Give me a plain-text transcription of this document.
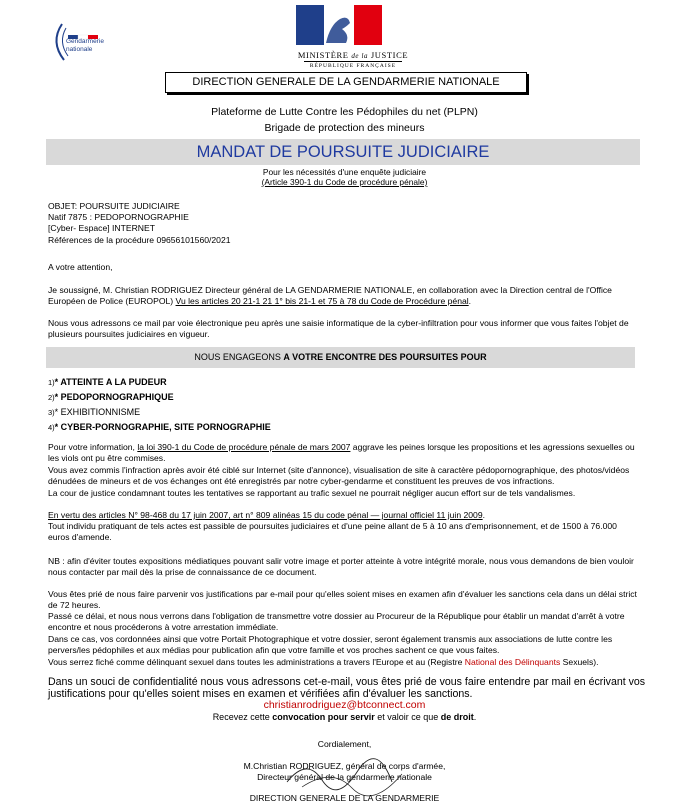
Gendarmerie
nationale
MINISTÈRE de la JUSTICE
RÉPUBLIQUE FRANÇAISE
DIRECTION GENERALE DE LA GENDARMERIE NATIONALE
Plateforme de Lutte Contre les Pédophiles du net (PLPN)
Brigade de protection des mineurs
MANDAT DE POURSUITE JUDICIAIRE
Pour les nécessités d'une enquête judiciaire
(Article 390-1 du Code de procédure pénale)
OBJET: POURSUITE JUDICIAIRE
Natif 7875 : PEDOPORNOGRAPHIE
[Cyber- Espace] INTERNET
Références de la procédure 09656101560/2021
A votre attention,
Je soussigné, M. Christian RODRIGUEZ Directeur général de LA GENDARMERIE NATIONALE, en collaboration avec la Direction central de l'Office Européen de Police (EUROPOL) Vu les articles 20 21-1 21 1° bis 21-1 et 75 à 78 du Code de Procédure pénal.
Nous vous adressons ce mail par voie électronique peu après une saisie informatique de la cyber-infiltration pour vous informer que vous faites l'objet de plusieurs poursuites judiciaires en vigueur.
NOUS ENGAGEONS A VOTRE ENCONTRE DES POURSUITES POUR
1)* ATTEINTE A LA PUDEUR
2)* PEDOPORNOGRAPHIQUE
3)* EXHIBITIONNISME
4)* CYBER-PORNOGRAPHIE, SITE PORNOGRAPHIE
Pour votre information, la loi 390-1 du Code de procédure pénale de mars 2007 aggrave les peines lorsque les propositions et les agressions sexuelles ou les viols ont pu être commises.
Vous avez commis l'infraction après avoir été ciblé sur Internet (site d'annonce), visualisation de site à caractère pédopornographique, des photos/vidéos dénudées de mineurs et de vos échanges ont été enregistrés par notre cyber-gendarme et constituent les preuves de vos infractions.
La cour de justice condamnant toutes les tentatives se rapportant au trafic sexuel ne pourrait négliger aucun effort sur de tels vandalismes.
En vertu des articles N° 98-468 du 17 juin 2007, art n° 809 alinéas 15 du code pénal — journal officiel 11 juin 2009.
Tout individu pratiquant de tels actes est passible de poursuites judiciaires et d'une peine allant de 5 à 10 ans d'emprisonnement, et de 1500 à 76.000 euros d'amende.
NB : afin d'éviter toutes expositions médiatiques pouvant salir votre image et porter atteinte à votre intégrité morale, nous vous demandons de bien vouloir nous contacter par mail dès la prise de connaissance de ce document.
Vous êtes prié de nous faire parvenir vos justifications par e-mail pour qu'elles soient mises en examen afin d'évaluer les sanctions cela dans un délai strict de 72 heures.
Passé ce délai, et nous nous verrons dans l'obligation de transmettre votre dossier au Procureur de la République pour établir un mandat d'arrêt à votre encontre et nous procéderons à votre arrestation immédiate.
Dans ce cas, vos cordonnées ainsi que votre Portait Photographique et votre dossier, seront également transmis aux associations de lutte contre les pervers/les pédophiles et aux médias pour publication afin que votre famille et vos proches sachent ce que vous faites.
Vous serrez fiché comme délinquant sexuel dans toutes les administrations a travers l'Europe et au (Registre National des Délinquants Sexuels).
Dans un souci de confidentialité nous vous adressons cet-e-mail, vous êtes prié de vous faire entendre par mail en écrivant vos justifications pour qu'elles soient mises en examen et vérifiées afin d'évaluer les sanctions.
christianrodriguez@btconnect.com
Recevez cette convocation pour servir et valoir ce que de droit.
Cordialement,
M.Christian RODRIGUEZ, général de corps d'armée,
Directeur général de la gendarmerie nationale
DIRECTION GENERALE DE LA GENDARMERIE
